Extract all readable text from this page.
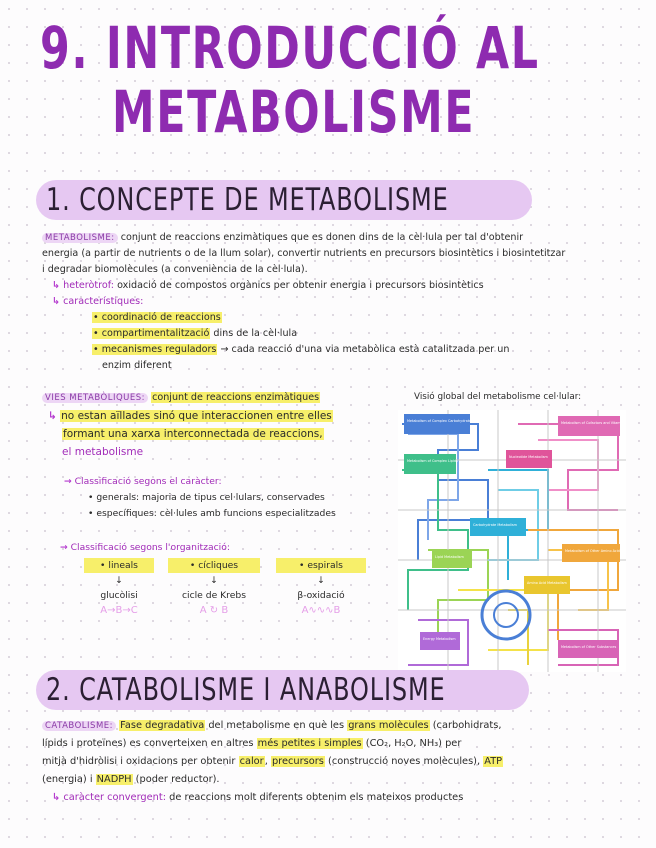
9. INTRODUCCIÓ AL
METABOLISME
1. CONCEPTE DE METABOLISME
METABOLISME: conjunt de reaccions enzimàtiques que es donen dins de la cèl·lula per tal d'obtenir
energia (a partir de nutrients o de la llum solar), convertir nutrients en precursors biosintètics i biosintetitzar
i degradar biomolècules (a conveniència de la cèl·lula).
↳ heteròtrof: oxidació de compostos orgànics per obtenir energia i precursors biosintètics
↳ característiques:
• coordinació de reaccions
• compartimentalització dins de la cèl·lula
• mecanismes reguladors → cada reacció d'una via metabòlica està catalitzada per un
enzim diferent
VIES METABÒLIQUES: conjunt de reaccions enzimàtiques
↳ no estan aïllades sinó que interaccionen entre elles
formant una xarxa interconnectada de reaccions,
el metabolisme
→ Classificació segons el caràcter:
• generals: majoria de tipus cel·lulars, conservades
• específiques: cèl·lules amb funcions especialitzades
→ Classificació segons l'organització:
• lineals
↓
glucòlisi
A→B→C
• cícliques
↓
cicle de Krebs
A ↻ B
• espirals
↓
β-oxidació
A∿∿∿B
Visió global del metabolisme cel·lular:
Metabolism of Complex Carbohydrates	Metabolism of Cofactors and Vitamins
Metabolism of Complex Lipids
Nucleotide Metabolism
Carbohydrate Metabolism
Lipid Metabolism
Metabolism of Other Amino Acids
Amino Acid Metabolism
Energy Metabolism
Metabolism of Other Substances
2. CATABOLISME I ANABOLISME
CATABOLISME: Fase degradativa del metabolisme en què les grans molècules (carbohidrats,
lípids i proteïnes) es converteixen en altres més petites i simples (CO₂, H₂O, NH₃) per
mitjà d'hidròlisi i oxidacions per obtenir calor, precursors (construcció noves molècules), ATP
(energia) i NADPH (poder reductor).
↳ caràcter convergent: de reaccions molt diferents obtenim els mateixos productes
